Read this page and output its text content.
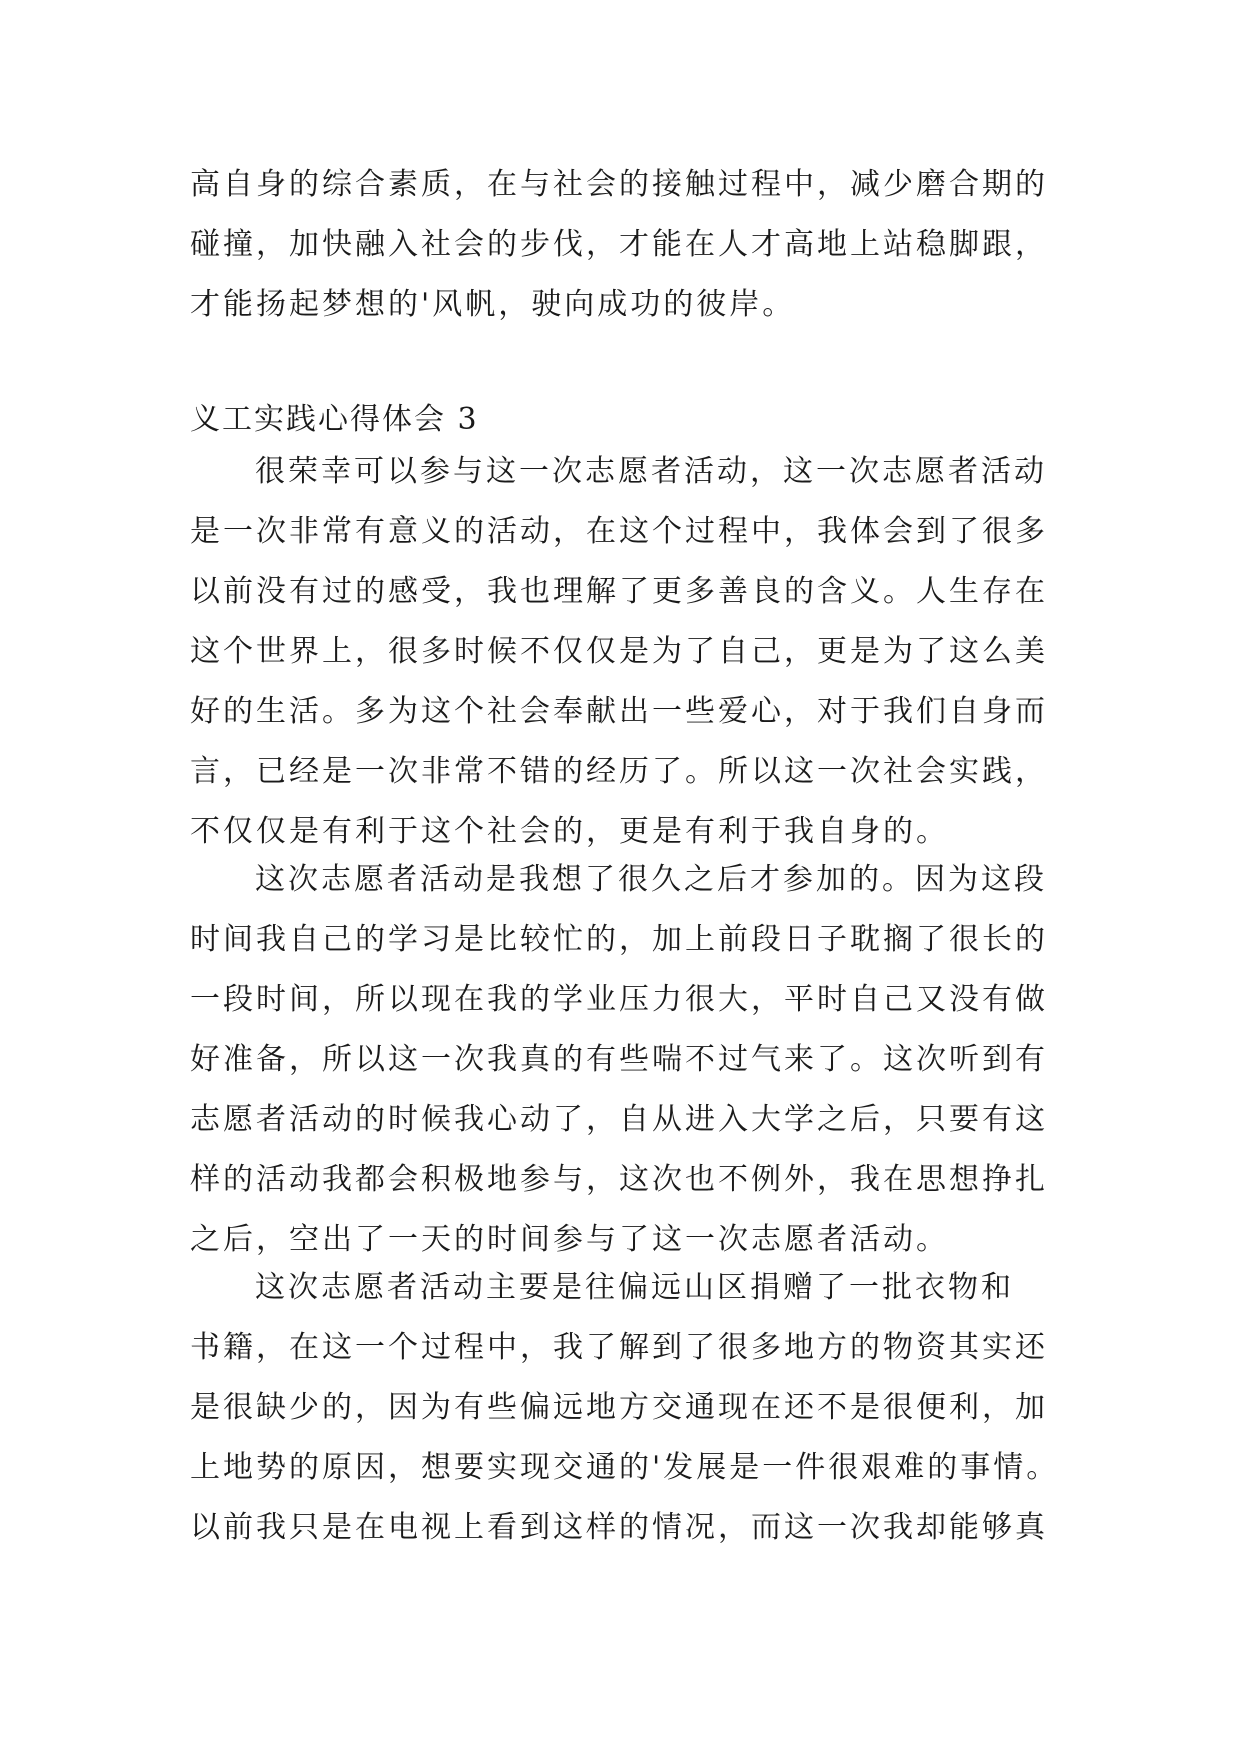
高自身的综合素质，在与社会的接触过程中，减少磨合期的
碰撞，加快融入社会的步伐，才能在人才高地上站稳脚跟，
才能扬起梦想的'风帆，驶向成功的彼岸。
义工实践心得体会 3
很荣幸可以参与这一次志愿者活动，这一次志愿者活动
是一次非常有意义的活动，在这个过程中，我体会到了很多
以前没有过的感受，我也理解了更多善良的含义。人生存在
这个世界上，很多时候不仅仅是为了自己，更是为了这么美
好的生活。多为这个社会奉献出一些爱心，对于我们自身而
言，已经是一次非常不错的经历了。所以这一次社会实践，
不仅仅是有利于这个社会的，更是有利于我自身的。
这次志愿者活动是我想了很久之后才参加的。因为这段
时间我自己的学习是比较忙的，加上前段日子耽搁了很长的
一段时间，所以现在我的学业压力很大，平时自己又没有做
好准备，所以这一次我真的有些喘不过气来了。这次听到有
志愿者活动的时候我心动了，自从进入大学之后，只要有这
样的活动我都会积极地参与，这次也不例外，我在思想挣扎
之后，空出了一天的时间参与了这一次志愿者活动。
这次志愿者活动主要是往偏远山区捐赠了一批衣物和
书籍，在这一个过程中，我了解到了很多地方的物资其实还
是很缺少的，因为有些偏远地方交通现在还不是很便利，加
上地势的原因，想要实现交通的'发展是一件很艰难的事情。
以前我只是在电视上看到这样的情况，而这一次我却能够真
